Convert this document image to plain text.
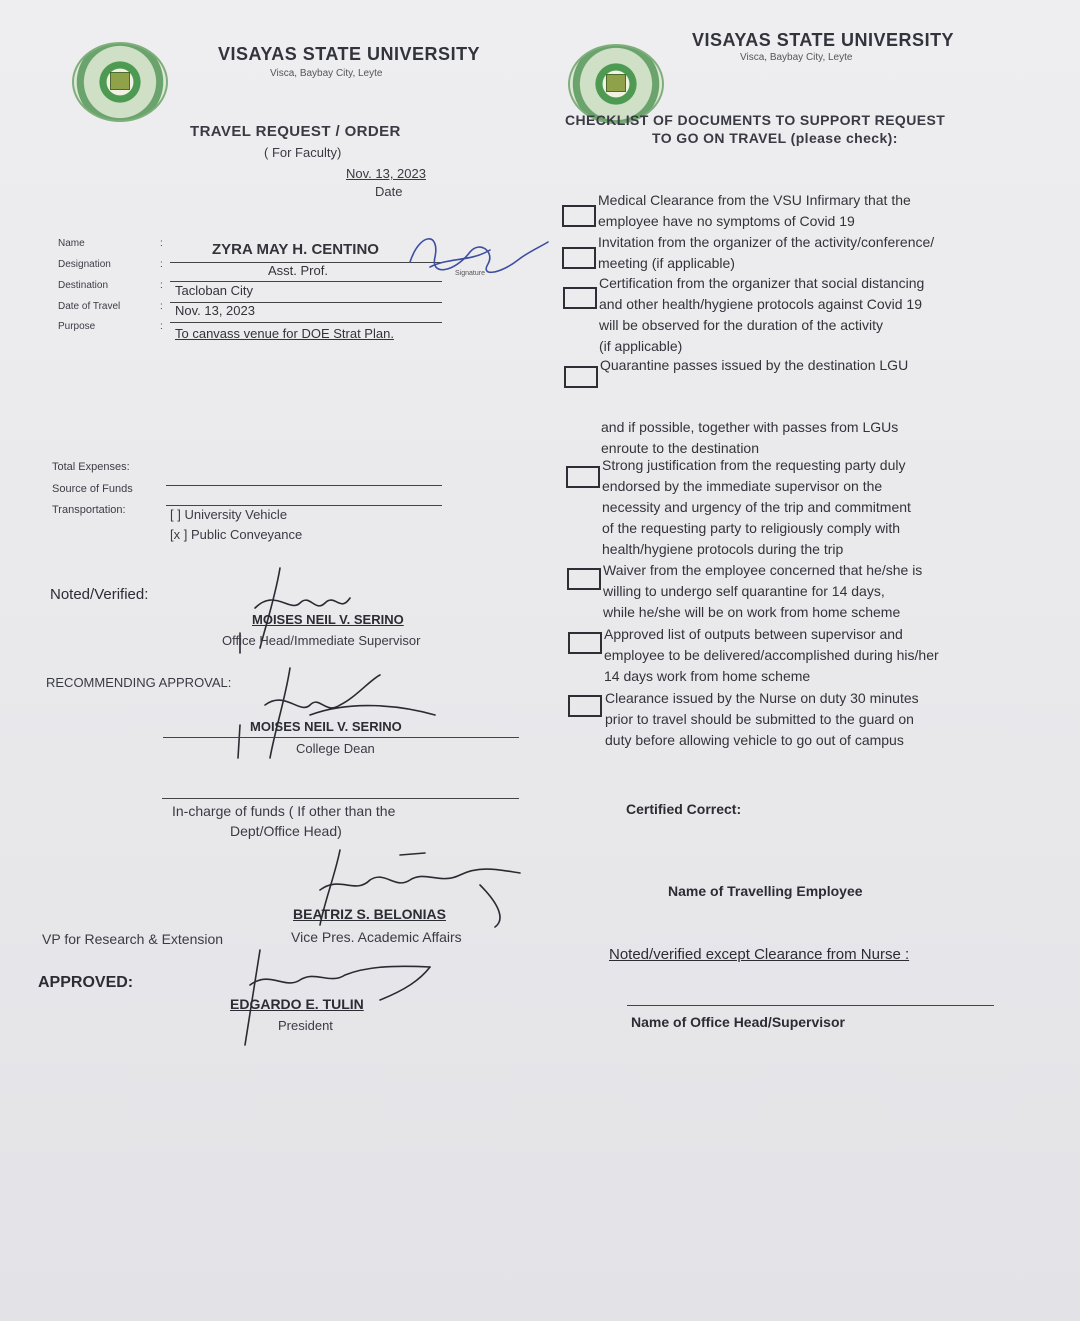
VISAYAS STATE UNIVERSITY
Visca, Baybay City, Leyte
TRAVEL REQUEST / ORDER
( For Faculty)
Nov. 13, 2023
Date
Name	:	ZYRA MAY H. CENTINO
Designation	:	Asst. Prof.	Signature
Destination	: Tacloban City
Date of Travel	: Nov. 13, 2023
Purpose	: To canvass venue for DOE Strat Plan.
Total Expenses:
Source of Funds
Transportation:	[ ] University Vehicle
[x ] Public Conveyance
Noted/Verified:
MOISES NEIL V. SERINO
Office Head/Immediate Supervisor
RECOMMENDING APPROVAL:
MOISES NEIL V. SERINO
College Dean
In-charge of funds ( If other than the
Dept/Office Head)
BEATRIZ S. BELONIAS
VP for Research & Extension	Vice Pres. Academic Affairs
APPROVED:
EDGARDO E. TULIN
President
VISAYAS STATE UNIVERSITY
Visca, Baybay City, Leyte
CHECKLIST OF DOCUMENTS TO SUPPORT REQUEST
TO GO ON TRAVEL (please check):
Medical Clearance from the VSU Infirmary that the
employee have no symptoms of Covid 19
Invitation from the organizer of the activity/conference/
meeting (if applicable)
Certification from the organizer that social distancing
and other health/hygiene protocols against Covid 19
will be observed for the duration of the activity
(if applicable)
Quarantine passes issued by the destination LGU
and if possible, together with passes from LGUs
enroute to the destination
Strong justification from the requesting party duly
endorsed by the immediate supervisor on the
necessity and urgency of the trip and commitment
of the requesting party to religiously comply with
health/hygiene protocols during the trip
Waiver from the employee concerned that he/she is
willing to undergo self quarantine for 14 days,
while he/she will be on work from home scheme
Approved list of outputs between supervisor and
employee to be delivered/accomplished during his/her
14 days work from home scheme
Clearance issued by the Nurse on duty 30 minutes
prior to travel should be submitted to the guard on
duty before allowing vehicle to go out of campus
Certified Correct:
Name of Travelling Employee
Noted/verified except Clearance from Nurse :
Name of Office Head/Supervisor
